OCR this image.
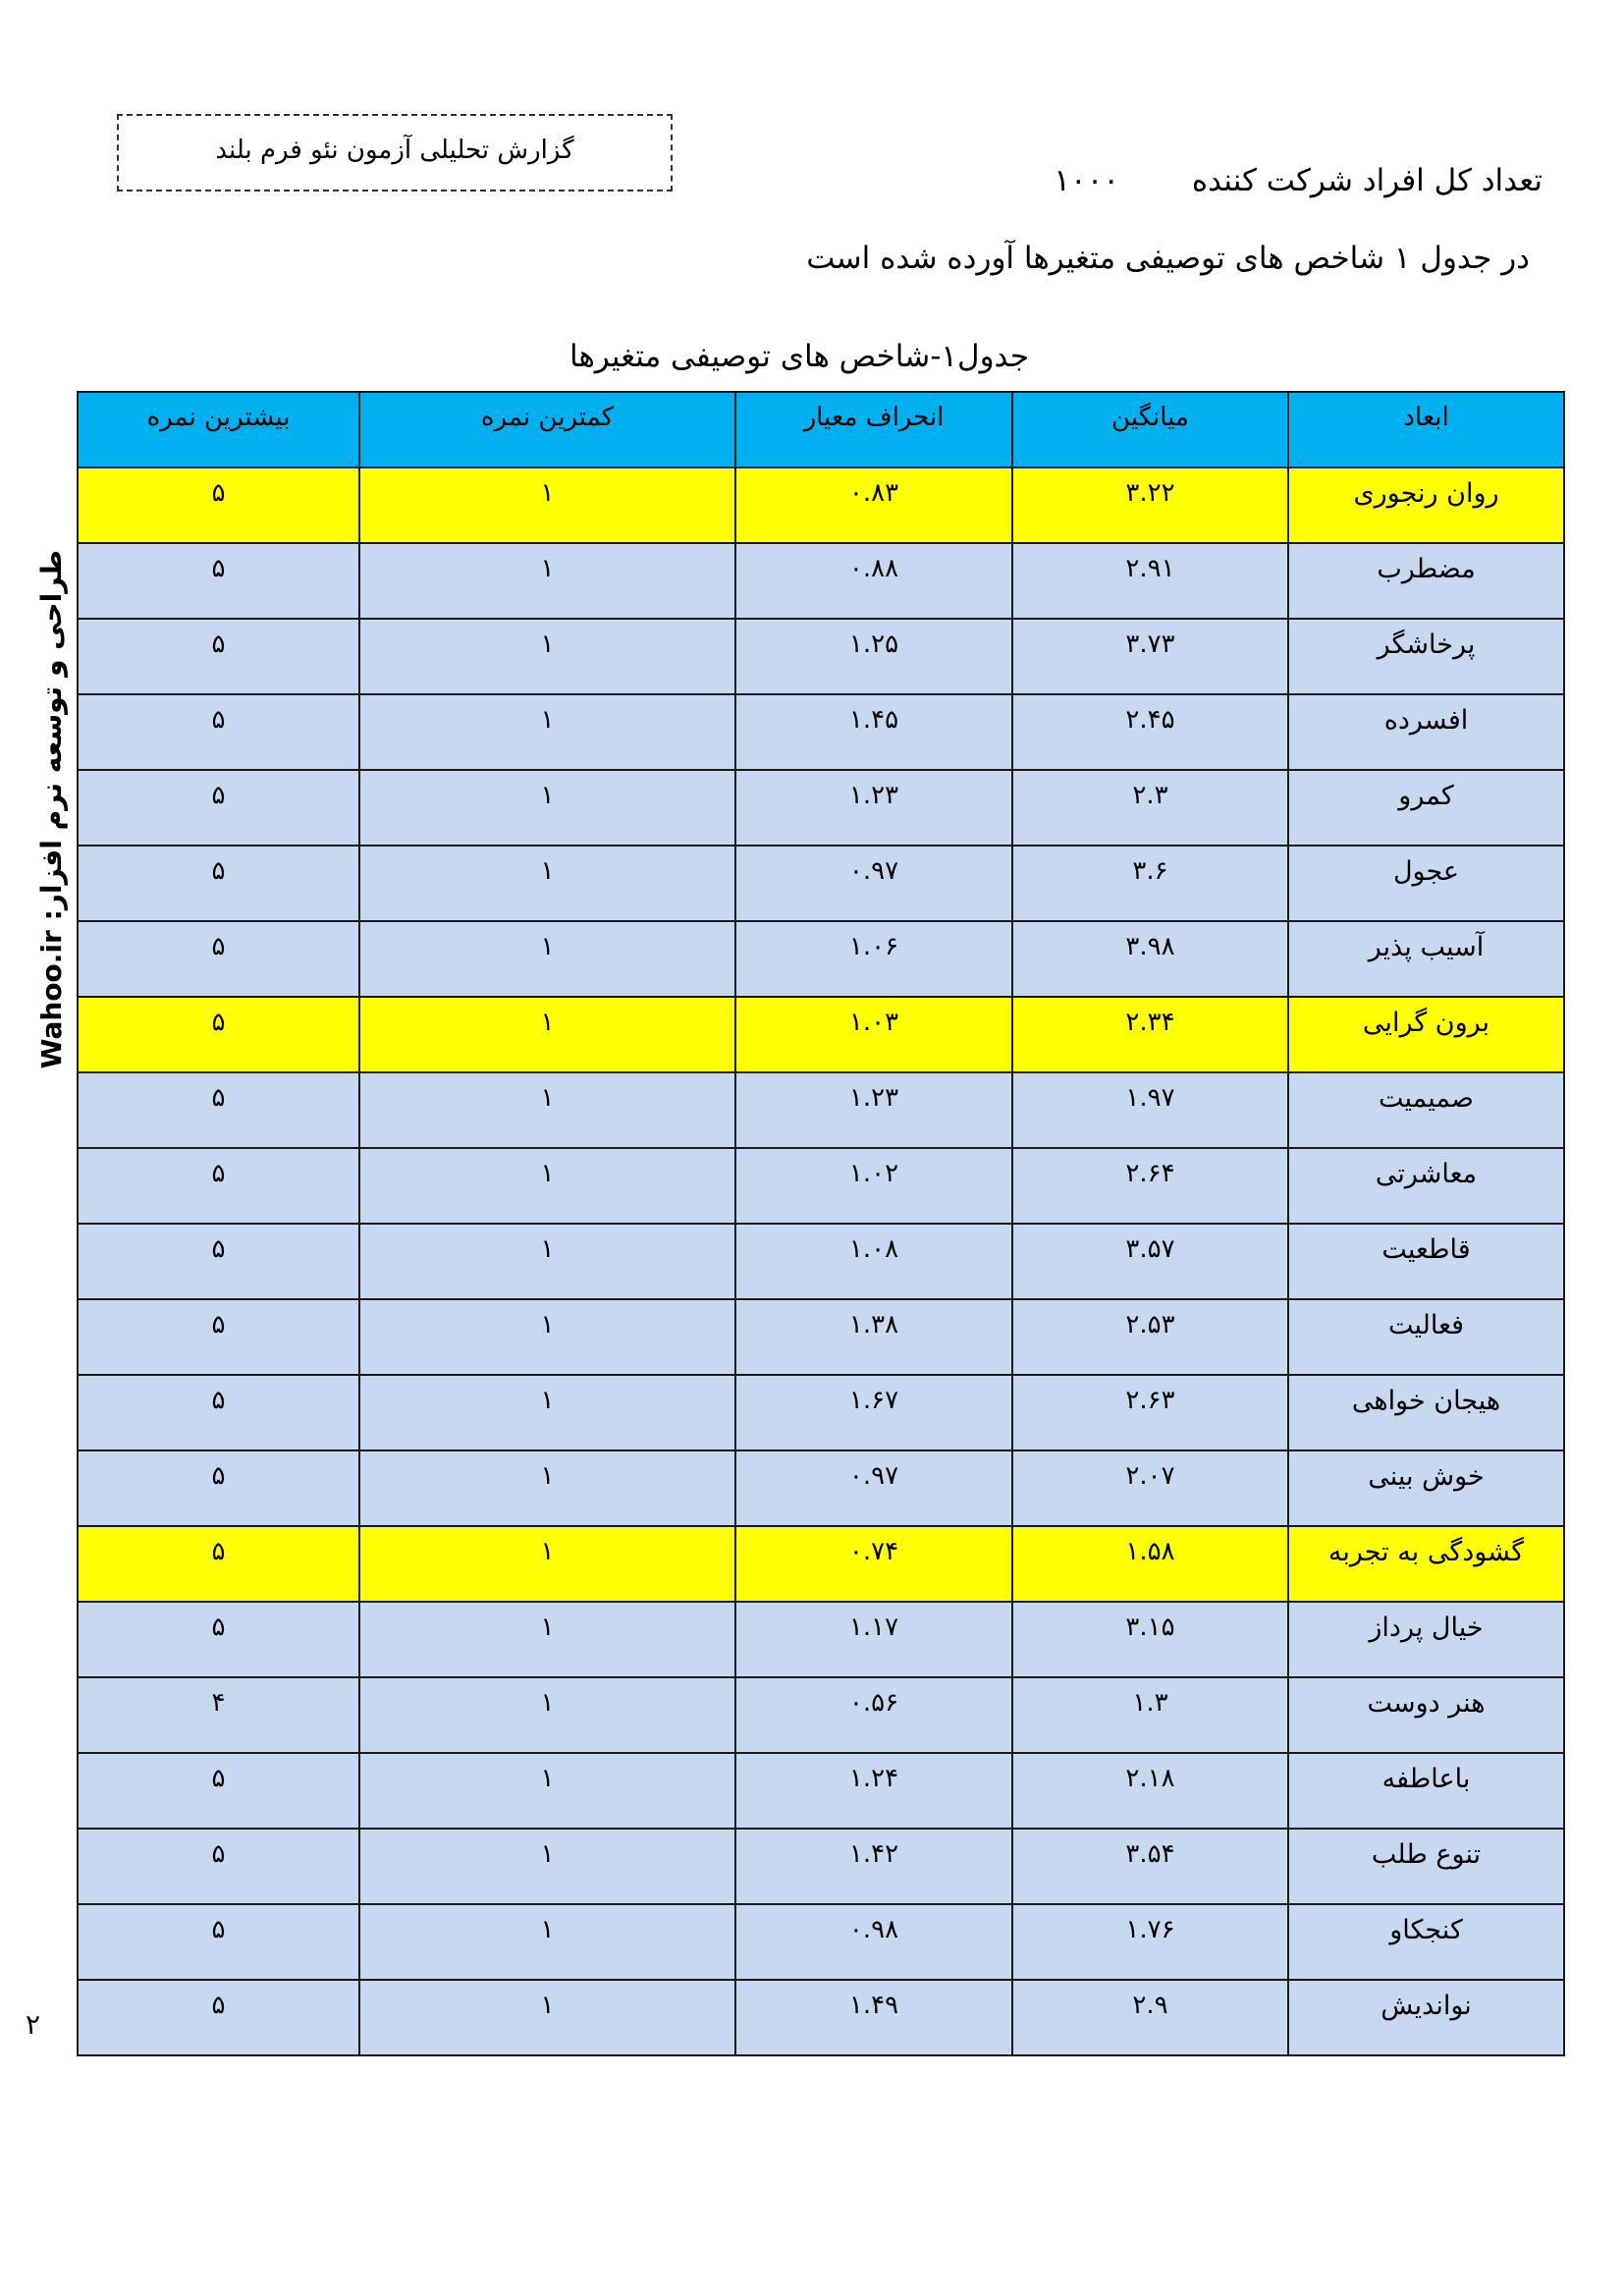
گزارش تحلیلی آزمون نئو فرم بلند
تعداد کل افراد شرکت کننده ۱۰۰۰
در جدول ۱ شاخص های توصیفی متغیرها آورده شده است
جدول۱-شاخص های توصیفی متغیرها
ابعاد	میانگین	انحراف معیار	کمترین نمره	بیشترین نمره
روان رنجوری	۳.۲۲	۰.۸۳	۱	۵
مضطرب	۲.۹۱	۰.۸۸	۱	۵
پرخاشگر	۳.۷۳	۱.۲۵	۱	۵
افسرده	۲.۴۵	۱.۴۵	۱	۵
کمرو	۲.۳	۱.۲۳	۱	۵
عجول	۳.۶	۰.۹۷	۱	۵
آسیب پذیر	۳.۹۸	۱.۰۶	۱	۵
برون گرایی	۲.۳۴	۱.۰۳	۱	۵
صمیمیت	۱.۹۷	۱.۲۳	۱	۵
معاشرتی	۲.۶۴	۱.۰۲	۱	۵
قاطعیت	۳.۵۷	۱.۰۸	۱	۵
فعالیت	۲.۵۳	۱.۳۸	۱	۵
هیجان خواهی	۲.۶۳	۱.۶۷	۱	۵
خوش بینی	۲.۰۷	۰.۹۷	۱	۵
گشودگی به تجربه	۱.۵۸	۰.۷۴	۱	۵
خیال پرداز	۳.۱۵	۱.۱۷	۱	۵
هنر دوست	۱.۳	۰.۵۶	۱	۴
باعاطفه	۲.۱۸	۱.۲۴	۱	۵
تنوع طلب	۳.۵۴	۱.۴۲	۱	۵
کنجکاو	۱.۷۶	۰.۹۸	۱	۵
نواندیش	۲.۹	۱.۴۹	۱	۵
طراحی و توسعه نرم افزار: Wahoo.ir
۲
